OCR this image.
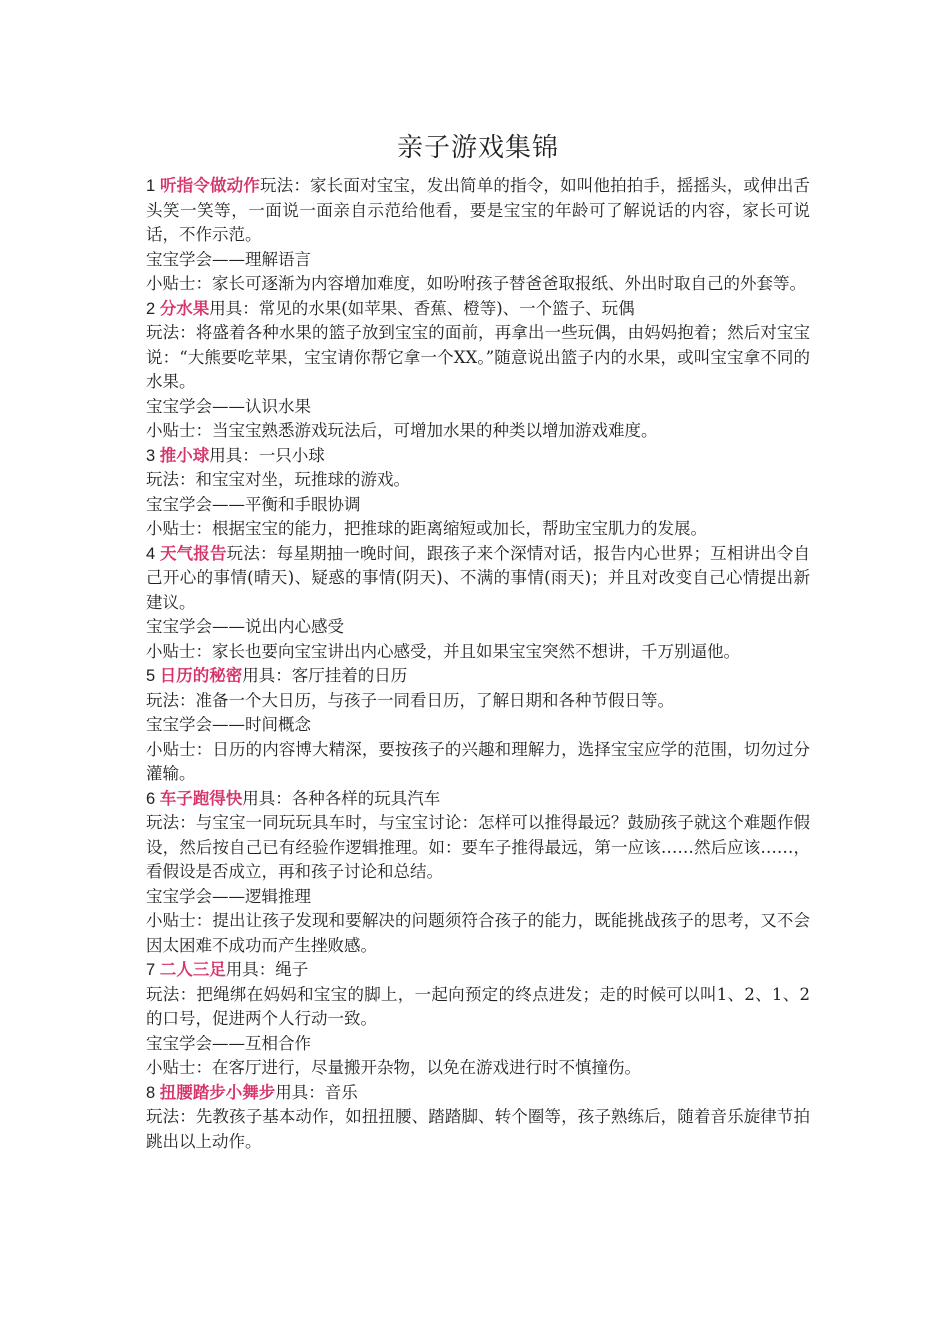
亲子游戏集锦

1 听指令做动作玩法：家长面对宝宝，发出简单的指令，如叫他拍拍手，摇摇头，或伸出舌头笑一笑等，一面说一面亲自示范给他看，要是宝宝的年龄可了解说话的内容，家长可说话，不作示范。

宝宝学会——理解语言

小贴士：家长可逐渐为内容增加难度，如吩咐孩子替爸爸取报纸、外出时取自己的外套等。

2 分水果用具：常见的水果(如苹果、香蕉、橙等)、一个篮子、玩偶

玩法：将盛着各种水果的篮子放到宝宝的面前，再拿出一些玩偶，由妈妈抱着；然后对宝宝说：“大熊要吃苹果，宝宝请你帮它拿一个XX。”随意说出篮子内的水果，或叫宝宝拿不同的水果。

宝宝学会——认识水果

小贴士：当宝宝熟悉游戏玩法后，可增加水果的种类以增加游戏难度。

3 推小球用具：一只小球

玩法：和宝宝对坐，玩推球的游戏。

宝宝学会——平衡和手眼协调

小贴士：根据宝宝的能力，把推球的距离缩短或加长，帮助宝宝肌力的发展。

4 天气报告玩法：每星期抽一晚时间，跟孩子来个深情对话，报告内心世界；互相讲出令自己开心的事情(晴天)、疑惑的事情(阴天)、不满的事情(雨天)；并且对改变自己心情提出新建议。

宝宝学会——说出内心感受

小贴士：家长也要向宝宝讲出内心感受，并且如果宝宝突然不想讲，千万别逼他。

5 日历的秘密用具：客厅挂着的日历

玩法：准备一个大日历，与孩子一同看日历，了解日期和各种节假日等。

宝宝学会——时间概念

小贴士：日历的内容博大精深，要按孩子的兴趣和理解力，选择宝宝应学的范围，切勿过分灌输。

6 车子跑得快用具：各种各样的玩具汽车

玩法：与宝宝一同玩玩具车时，与宝宝讨论：怎样可以推得最远？鼓励孩子就这个难题作假设，然后按自己已有经验作逻辑推理。如：要车子推得最远，第一应该……然后应该……，看假设是否成立，再和孩子讨论和总结。

宝宝学会——逻辑推理

小贴士：提出让孩子发现和要解决的问题须符合孩子的能力，既能挑战孩子的思考，又不会因太困难不成功而产生挫败感。

7 二人三足用具：绳子

玩法：把绳绑在妈妈和宝宝的脚上，一起向预定的终点进发；走的时候可以叫1、2、1、2的口号，促进两个人行动一致。

宝宝学会——互相合作

小贴士：在客厅进行，尽量搬开杂物，以免在游戏进行时不慎撞伤。

8 扭腰踏步小舞步用具：音乐

玩法：先教孩子基本动作，如扭扭腰、踏踏脚、转个圈等，孩子熟练后，随着音乐旋律节拍跳出以上动作。
